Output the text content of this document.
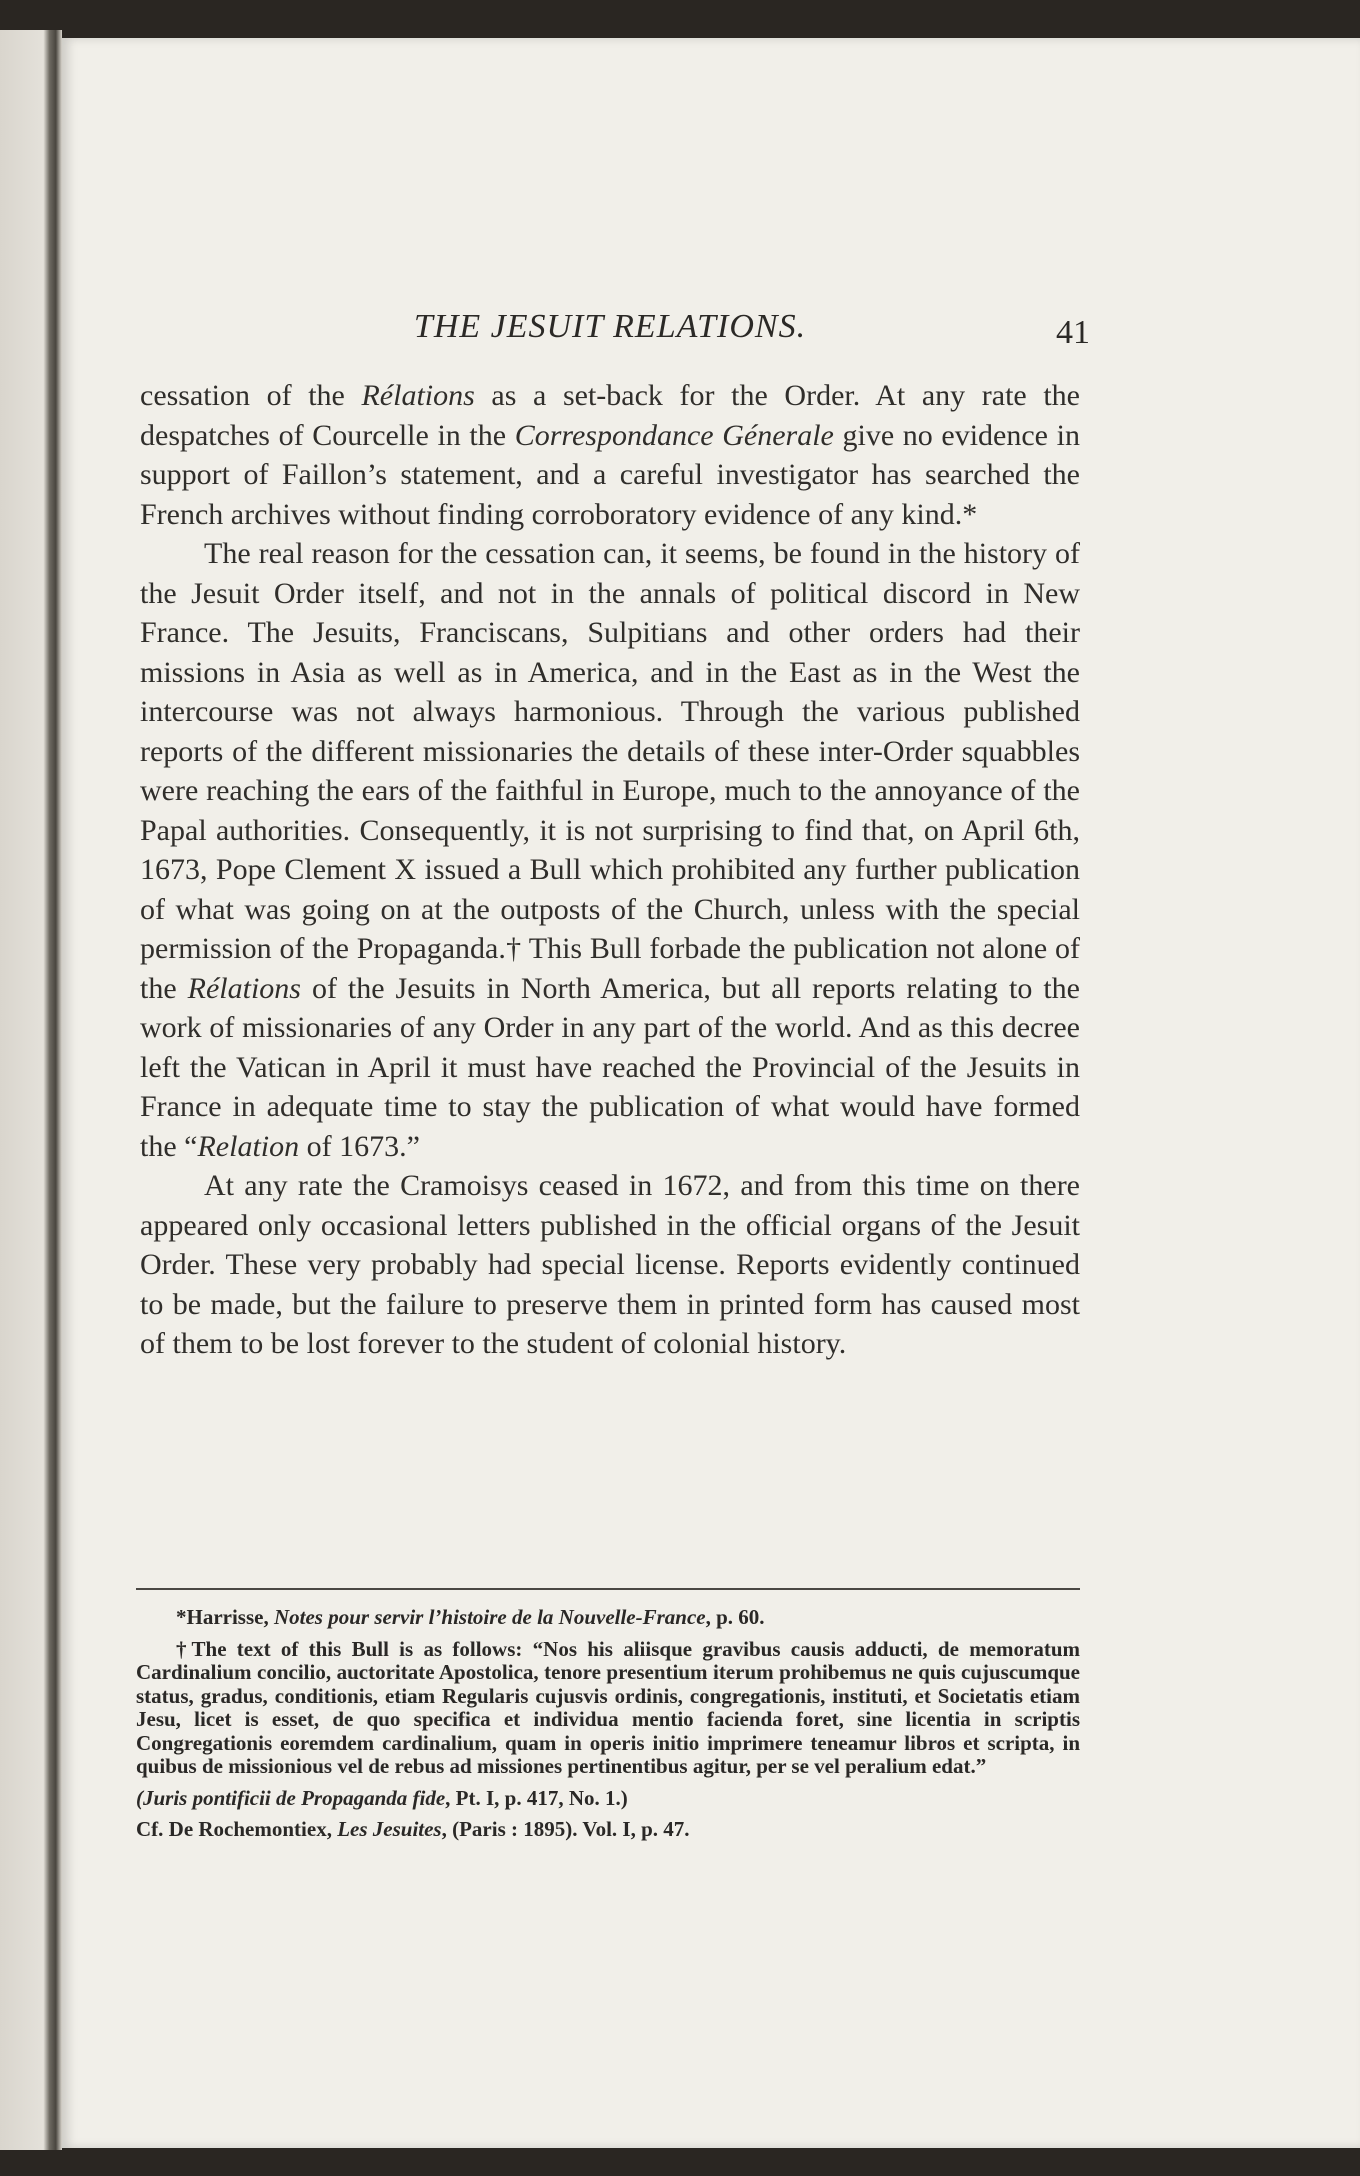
THE JESUIT RELATIONS.	41

cessation of the Rélations as a set-back for the Order. At any rate the despatches of Courcelle in the Correspondance Génerale give no evidence in support of Faillon’s statement, and a careful investigator has searched the French archives without finding corroboratory evidence of any kind.*

The real reason for the cessation can, it seems, be found in the history of the Jesuit Order itself, and not in the annals of political discord in New France. The Jesuits, Franciscans, Sulpitians and other orders had their missions in Asia as well as in America, and in the East as in the West the intercourse was not always harmonious. Through the various published reports of the different missionaries the details of these inter-Order squabbles were reaching the ears of the faithful in Europe, much to the annoyance of the Papal authorities. Consequently, it is not surprising to find that, on April 6th, 1673, Pope Clement X issued a Bull which prohibited any further publication of what was going on at the outposts of the Church, unless with the special permission of the Propaganda.† This Bull forbade the publication not alone of the Rélations of the Jesuits in North America, but all reports relating to the work of missionaries of any Order in any part of the world. And as this decree left the Vatican in April it must have reached the Provincial of the Jesuits in France in adequate time to stay the publication of what would have formed the “Relation of 1673.”

At any rate the Cramoisys ceased in 1672, and from this time on there appeared only occasional letters published in the official organs of the Jesuit Order. These very probably had special license. Reports evidently continued to be made, but the failure to preserve them in printed form has caused most of them to be lost forever to the student of colonial history.

*Harrisse, Notes pour servir l’histoire de la Nouvelle-France, p. 60.

†The text of this Bull is as follows: “Nos his aliisque gravibus causis adducti, de memoratum Cardinalium concilio, auctoritate Apostolica, tenore presentium iterum prohibemus ne quis cujuscumque status, gradus, conditionis, etiam Regularis cujusvis ordinis, congregationis, instituti, et Societatis etiam Jesu, licet is esset, de quo specifica et individua mentio facienda foret, sine licentia in scriptis Congregationis eoremdem cardinalium, quam in operis initio imprimere teneamur libros et scripta, in quibus de missionious vel de rebus ad missiones pertinentibus agitur, per se vel peralium edat.”

(Juris pontificii de Propaganda fide, Pt. I, p. 417, No. 1.)

Cf. De Rochemontiex, Les Jesuites, (Paris : 1895). Vol. I, p. 47.
